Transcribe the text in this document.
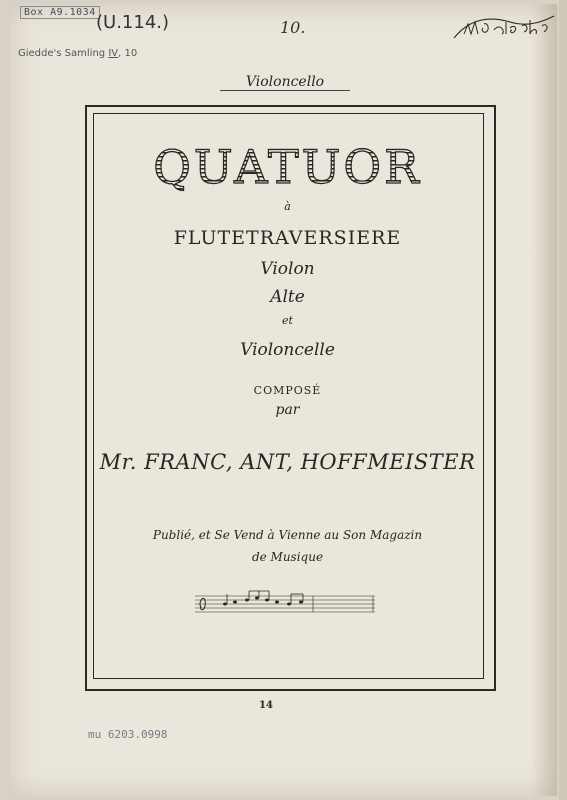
Box A9.1034
( U.114. )
Giedde's Samling IV, 10
10.
Violoncello
QUATUOR
à
FLUTETRAVERSIERE
Violon
Alte
et
Violoncelle
COMPOSÉ
par
Mr. FRANC, ANT, HOFFMEISTER
Publié, et Se Vend à Vienne au Son Magazin
de Musique
14
mu 6203.0998
